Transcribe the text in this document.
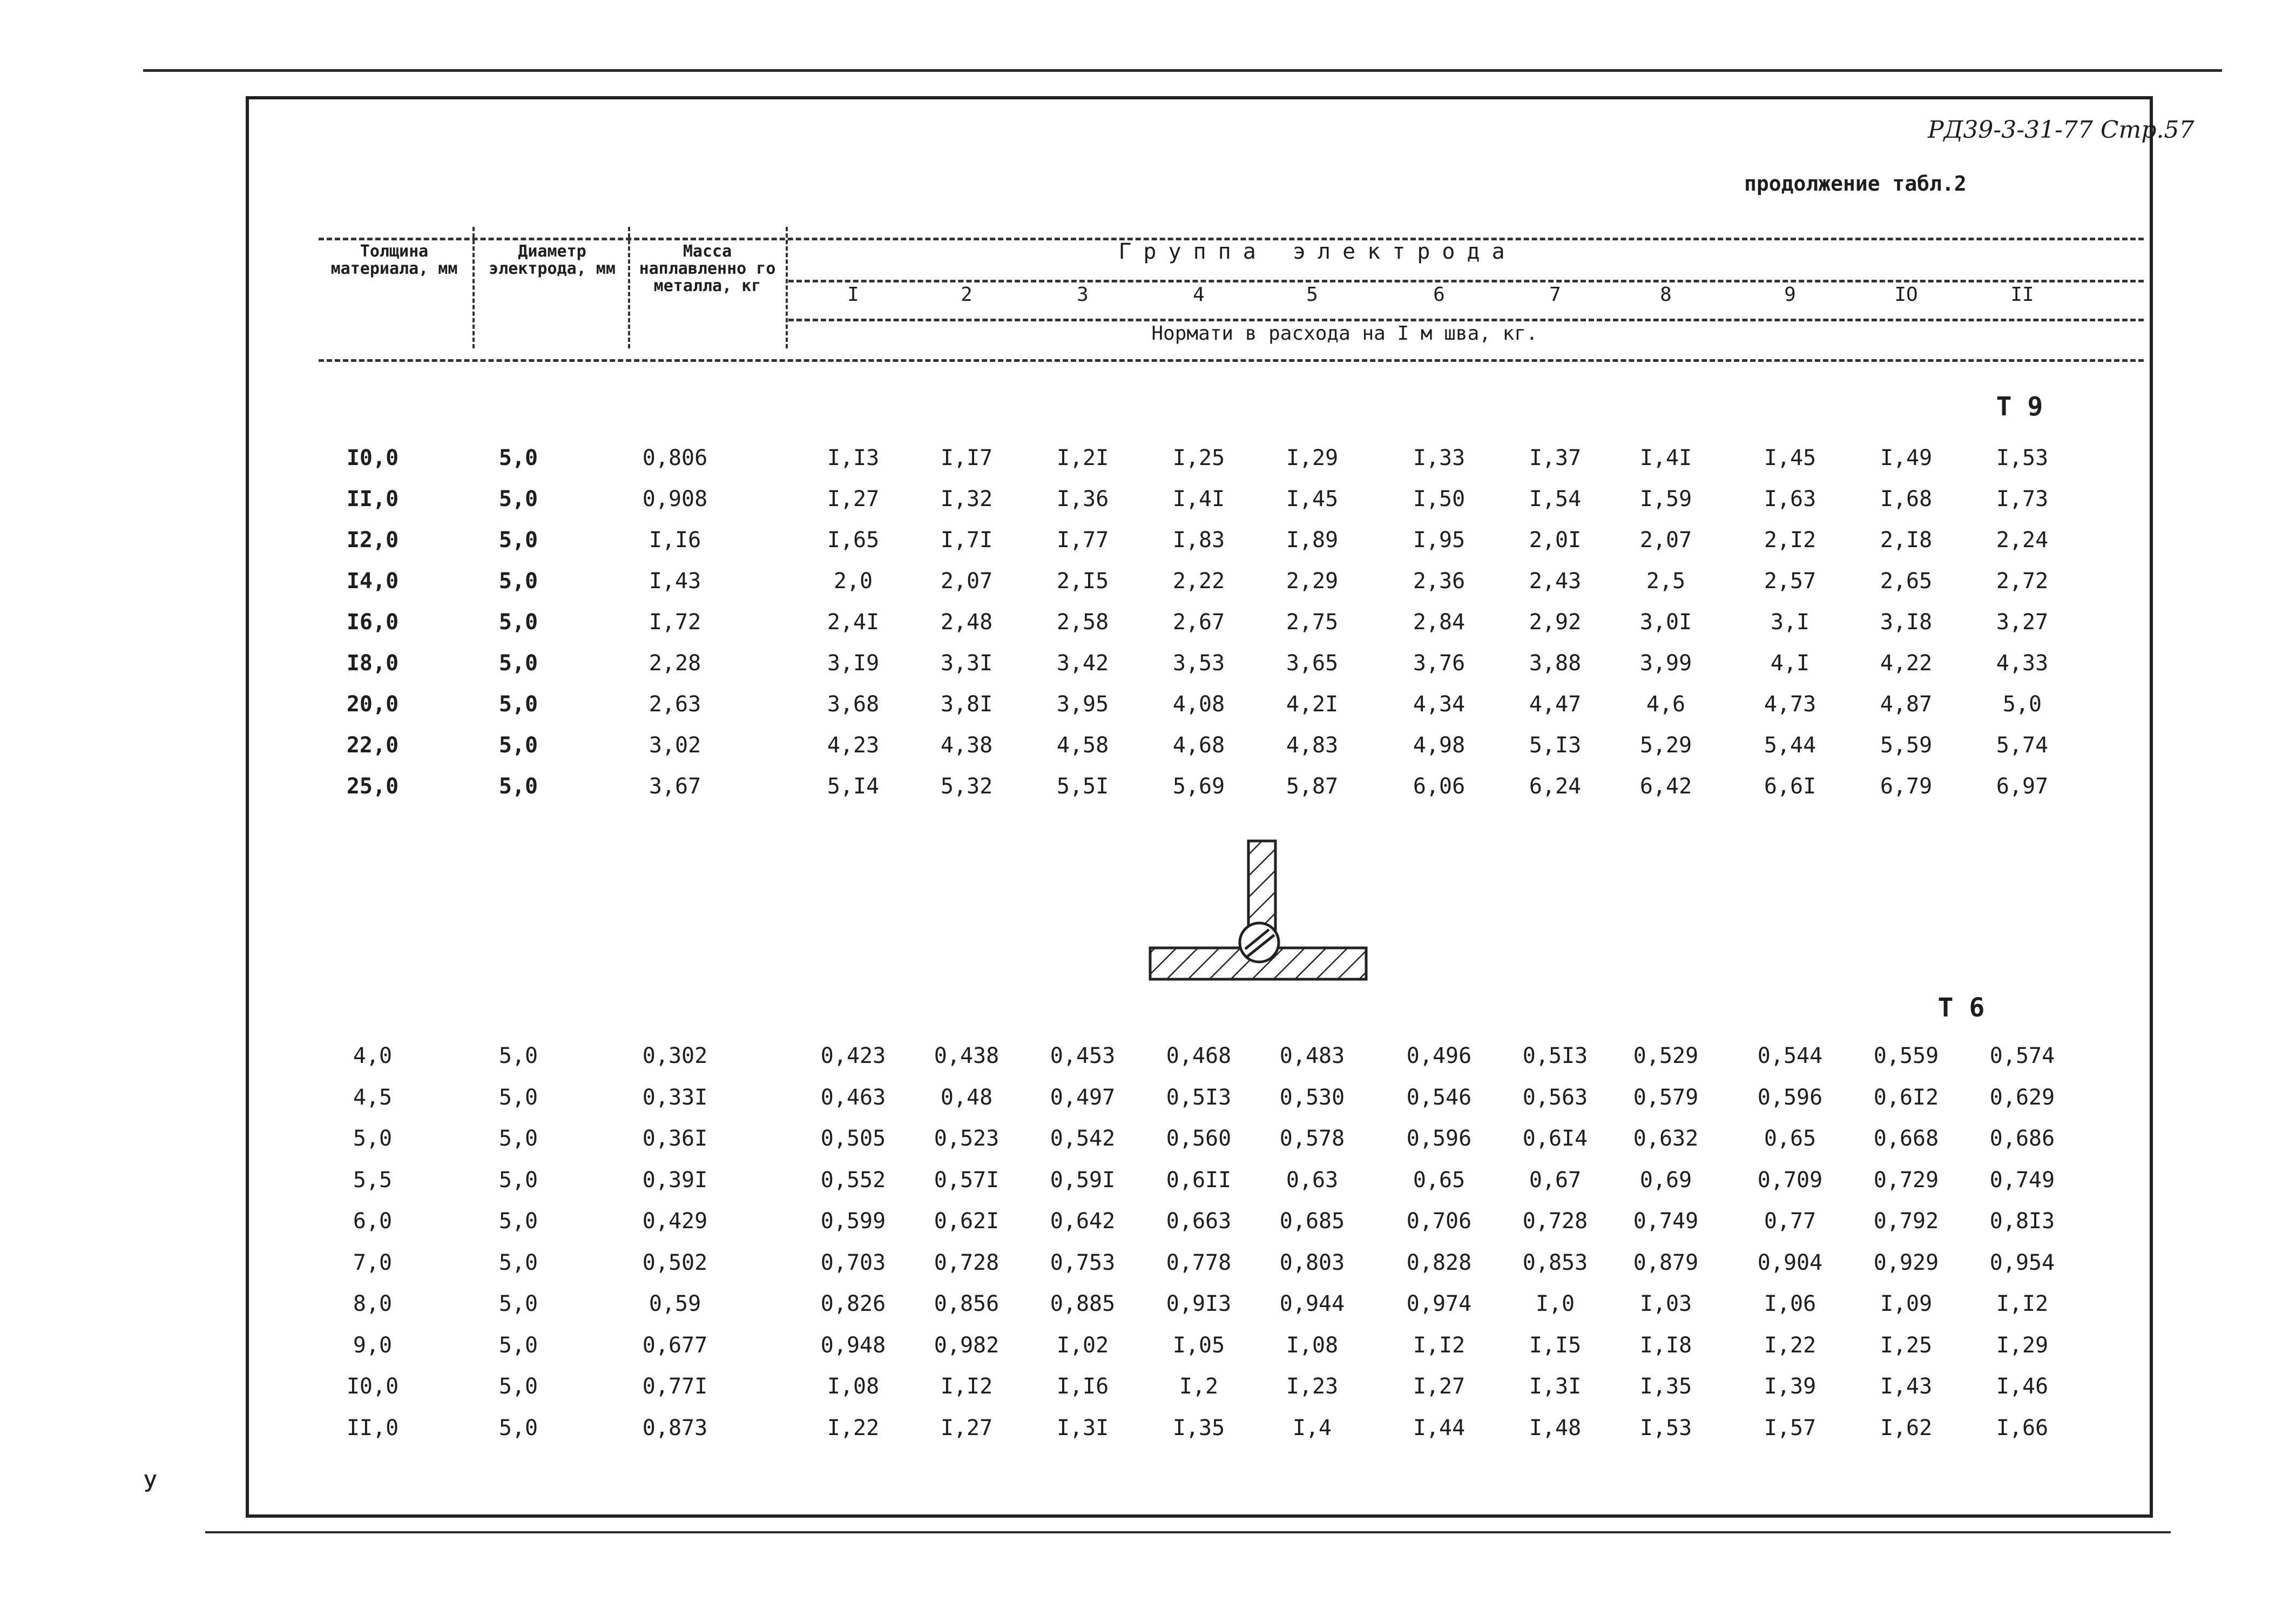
РД39-3-31-77 Стр.57
продолжение табл.2
Толщина материала, мм
Диаметр электрода, мм
Масса наплавленно го металла, кг
Группа электрода
Нормати в расхода на I м шва, кг.
I	2	3	4	5	6	7	8	9	IO	II
Т 9
Т 6
I0,0	5,0	0,806	I,I3	I,I7	I,2I	I,25	I,29	I,33	I,37	I,4I	I,45	I,49	I,53
II,0	5,0	0,908	I,27	I,32	I,36	I,4I	I,45	I,50	I,54	I,59	I,63	I,68	I,73
I2,0	5,0	I,I6	I,65	I,7I	I,77	I,83	I,89	I,95	2,0I	2,07	2,I2	2,I8	2,24
I4,0	5,0	I,43	2,0	2,07	2,I5	2,22	2,29	2,36	2,43	2,5	2,57	2,65	2,72
I6,0	5,0	I,72	2,4I	2,48	2,58	2,67	2,75	2,84	2,92	3,0I	3,I	3,I8	3,27
I8,0	5,0	2,28	3,I9	3,3I	3,42	3,53	3,65	3,76	3,88	3,99	4,I	4,22	4,33
20,0	5,0	2,63	3,68	3,8I	3,95	4,08	4,2I	4,34	4,47	4,6	4,73	4,87	5,0
22,0	5,0	3,02	4,23	4,38	4,58	4,68	4,83	4,98	5,I3	5,29	5,44	5,59	5,74
25,0	5,0	3,67	5,I4	5,32	5,5I	5,69	5,87	6,06	6,24	6,42	6,6I	6,79	6,97
4,0	5,0	0,302	0,423 0,438 0,453 0,468 0,483	0,496 0,5I3 0,529	0,544 0,559 0,574
4,5	5,0	0,33I	0,463	0,48	0,497 0,5I3 0,530	0,546 0,563 0,579	0,596 0,6I2 0,629
5,0	5,0	0,36I	0,505 0,523 0,542 0,560 0,578	0,596 0,6I4 0,632	0,65	0,668 0,686
5,5	5,0	0,39I	0,552 0,57I 0,59I 0,6II	0,63	0,65	0,67	0,69	0,709 0,729 0,749
6,0	5,0	0,429	0,599 0,62I 0,642 0,663 0,685	0,706 0,728 0,749	0,77	0,792 0,8I3
7,0	5,0	0,502	0,703 0,728 0,753 0,778 0,803	0,828 0,853 0,879	0,904 0,929 0,954
8,0	5,0	0,59	0,826 0,856 0,885 0,9I3 0,944	0,974	I,0	I,03	I,06	I,09	I,I2
9,0	5,0	0,677	0,948 0,982	I,02	I,05	I,08	I,I2	I,I5	I,I8	I,22	I,25	I,29
I0,0	5,0	0,77I	I,08	I,I2	I,I6	I,2	I,23	I,27	I,3I	I,35	I,39	I,43	I,46
II,0	5,0	0,873	I,22	I,27	I,3I	I,35	I,4	I,44	I,48	I,53	I,57	I,62	I,66
У
